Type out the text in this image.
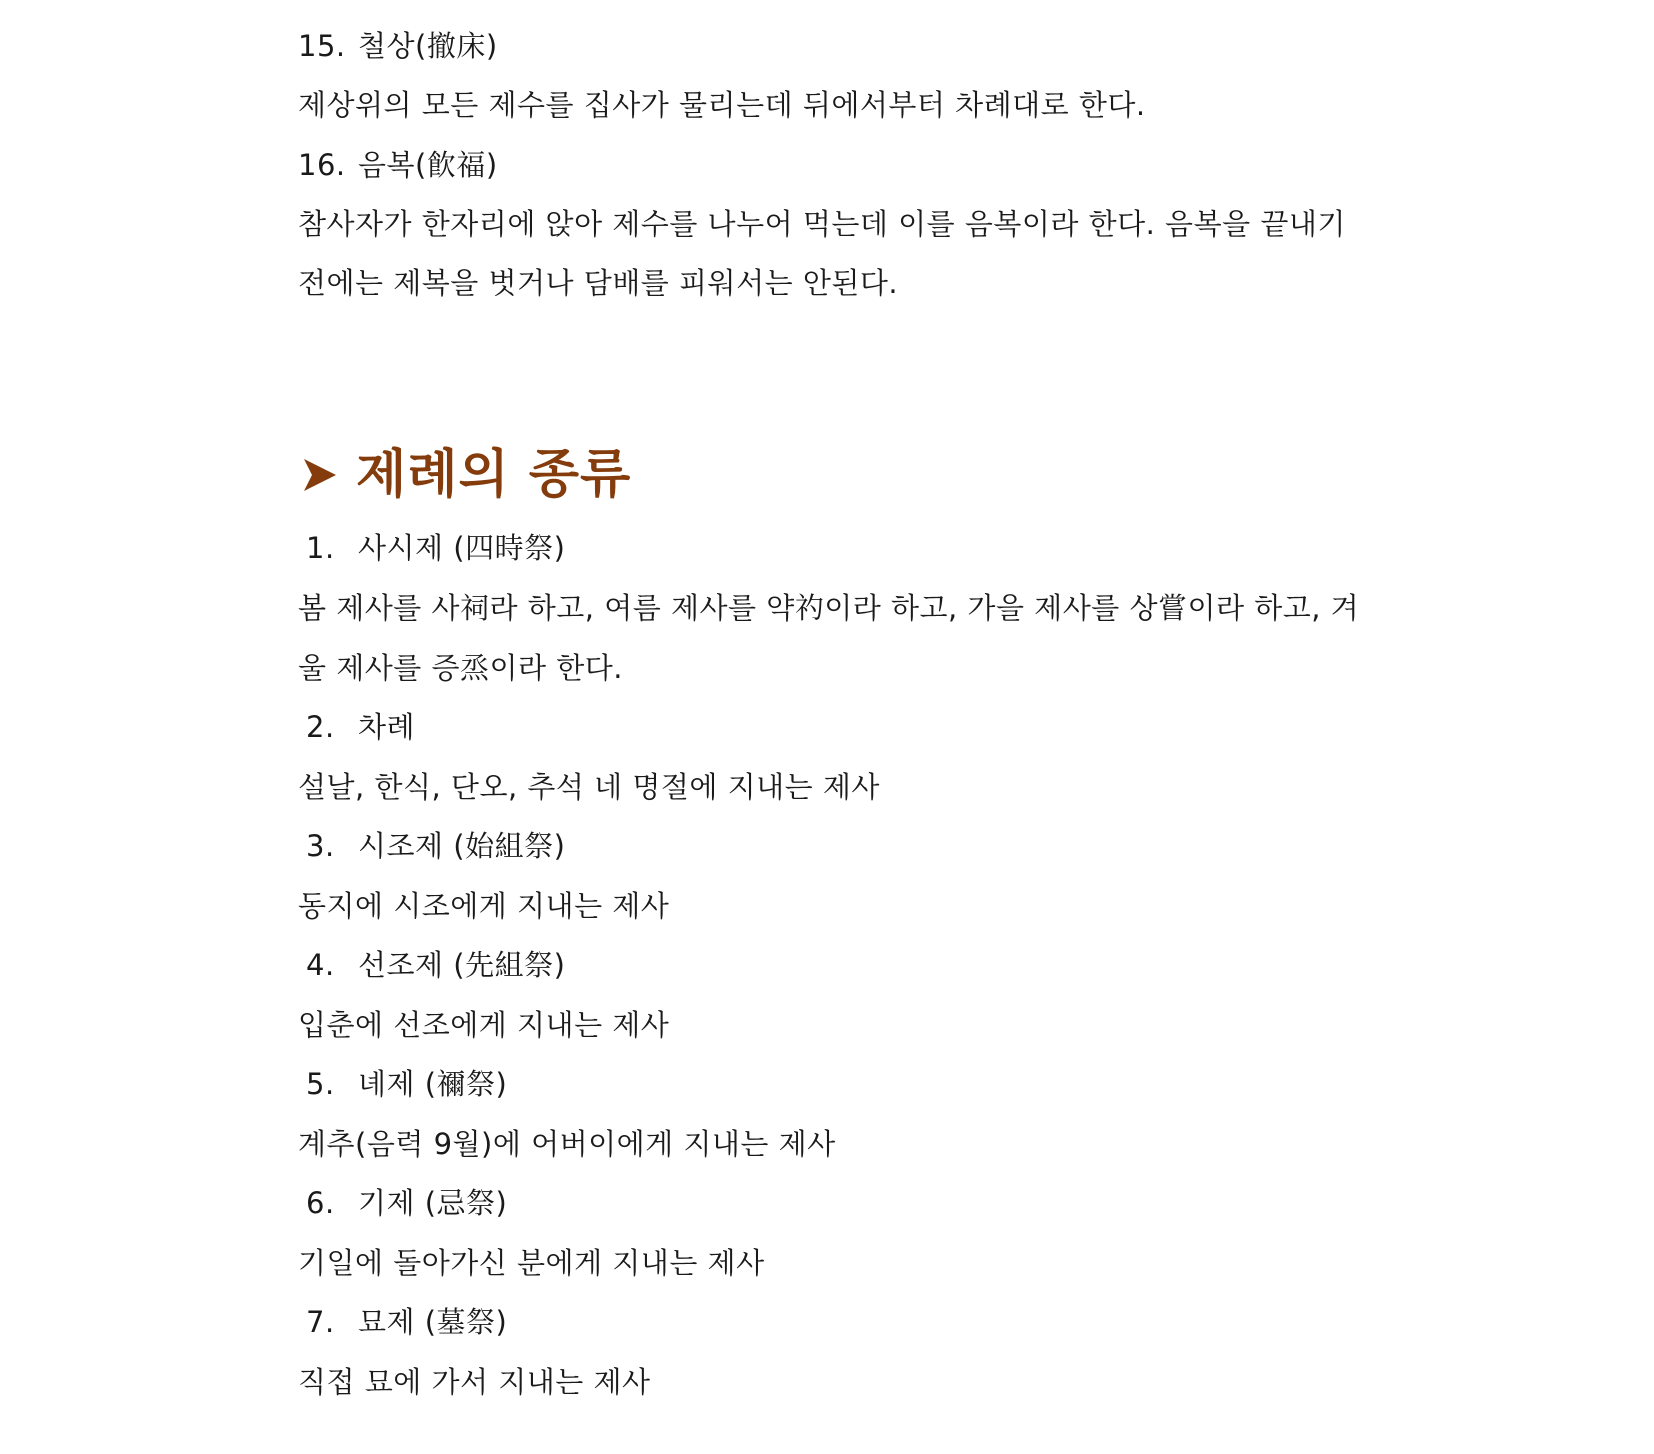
15. 철상(撤床)
제상위의 모든 제수를 집사가 물리는데 뒤에서부터 차례대로 한다.
16. 음복(飮福)
참사자가 한자리에 앉아 제수를 나누어 먹는데 이를 음복이라 한다. 음복을 끝내기
전에는 제복을 벗거나 담배를 피워서는 안된다.
제례의 종류
1. 사시제 (四時祭)
봄 제사를 사祠라 하고, 여름 제사를 약礿이라 하고, 가을 제사를 상嘗이라 하고, 겨
울 제사를 증烝이라 한다.
2. 차례
설날, 한식, 단오, 추석 네 명절에 지내는 제사
3. 시조제 (始組祭)
동지에 시조에게 지내는 제사
4. 선조제 (先組祭)
입춘에 선조에게 지내는 제사
5. 녜제 (禰祭)
계추(음력 9월)에 어버이에게 지내는 제사
6. 기제 (忌祭)
기일에 돌아가신 분에게 지내는 제사
7. 묘제 (墓祭)
직접 묘에 가서 지내는 제사
